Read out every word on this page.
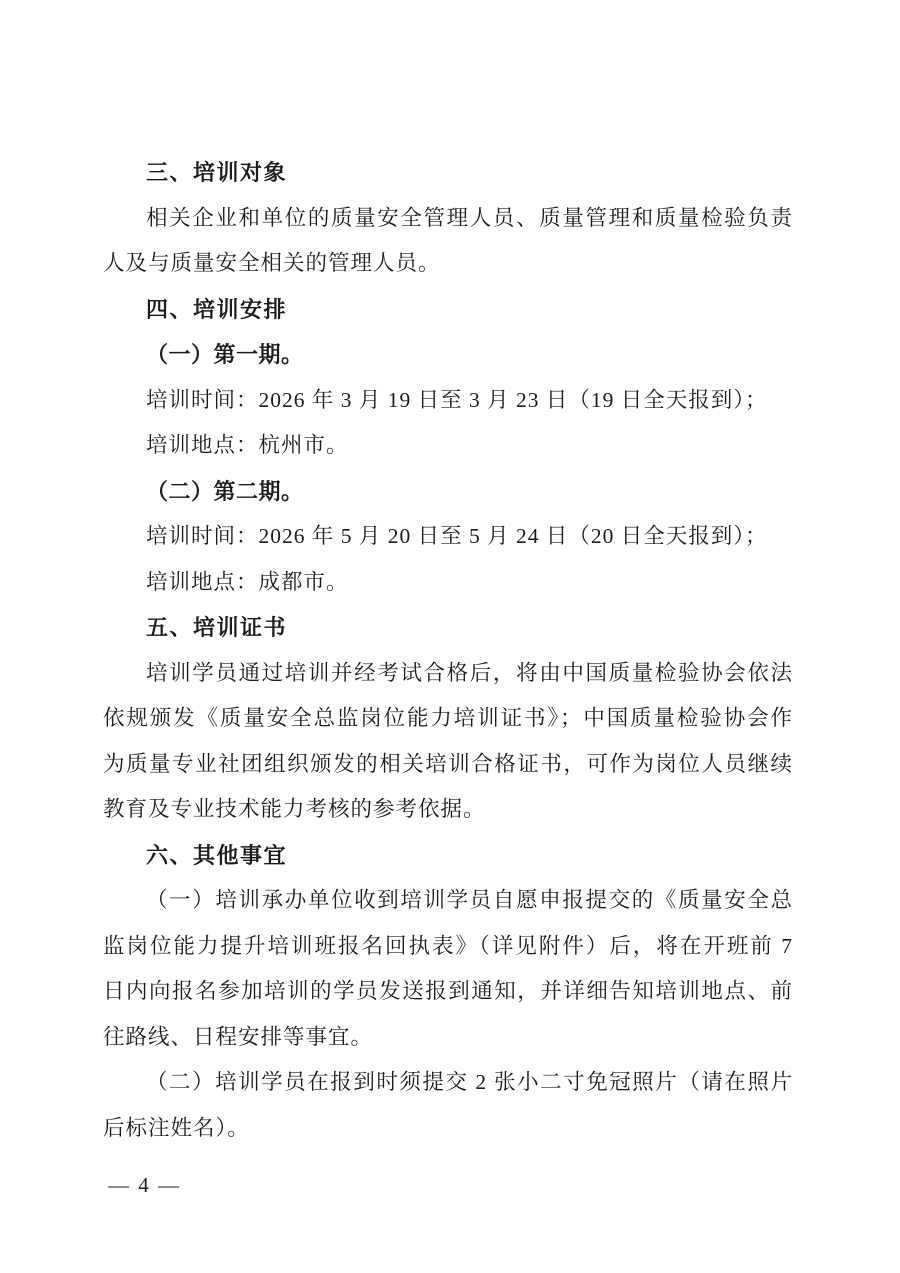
三、培训对象
相关企业和单位的质量安全管理人员、质量管理和质量检验负责
人及与质量安全相关的管理人员。
四、培训安排
（一）第一期。
培训时间：2026 年 3 月 19 日至 3 月 23 日（19 日全天报到）；
培训地点：杭州市。
（二）第二期。
培训时间：2026 年 5 月 20 日至 5 月 24 日（20 日全天报到）；
培训地点：成都市。
五、培训证书
培训学员通过培训并经考试合格后，将由中国质量检验协会依法
依规颁发《质量安全总监岗位能力培训证书》；中国质量检验协会作
为质量专业社团组织颁发的相关培训合格证书，可作为岗位人员继续
教育及专业技术能力考核的参考依据。
六、其他事宜
（一）培训承办单位收到培训学员自愿申报提交的《质量安全总
监岗位能力提升培训班报名回执表》（详见附件）后，将在开班前 7
日内向报名参加培训的学员发送报到通知，并详细告知培训地点、前
往路线、日程安排等事宜。
（二）培训学员在报到时须提交 2 张小二寸免冠照片（请在照片
后标注姓名）。
— 4 —
